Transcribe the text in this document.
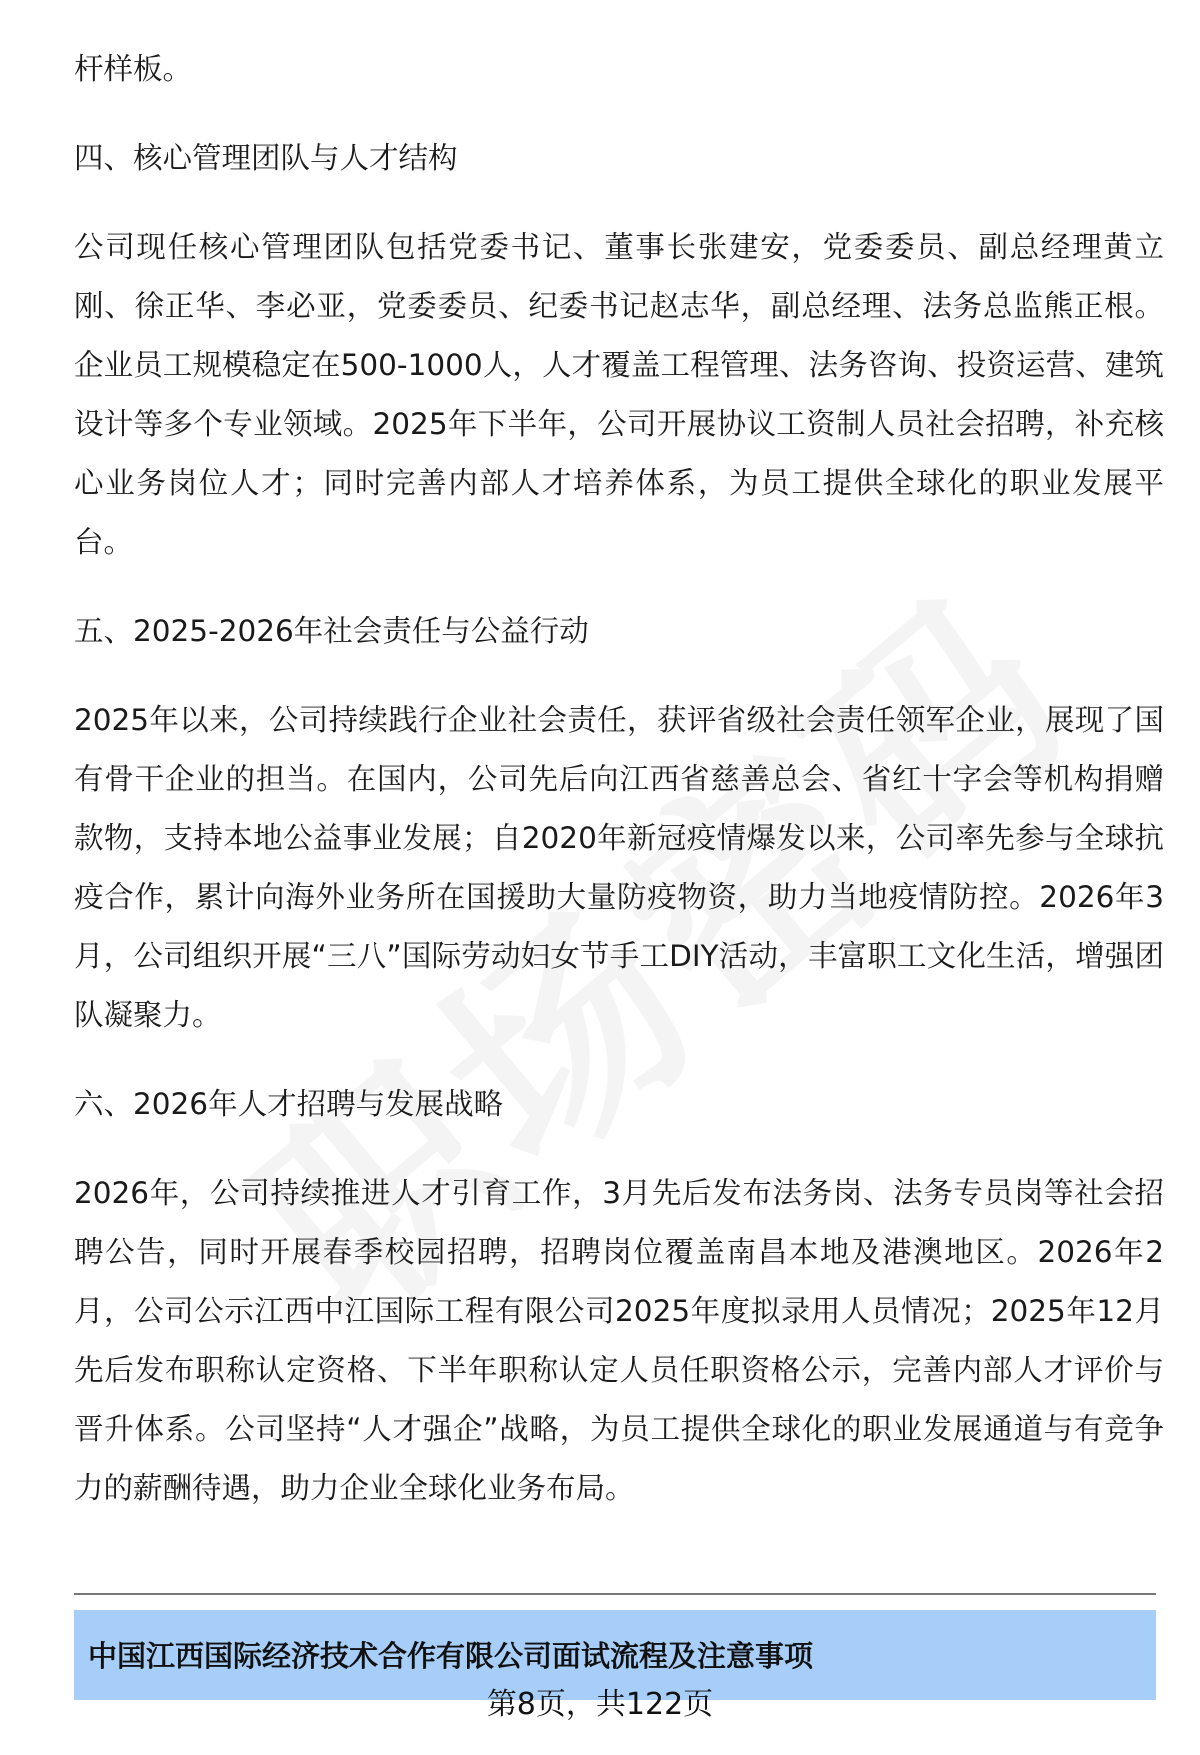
杆样板。

四、核心管理团队与人才结构

公司现任核心管理团队包括党委书记、董事长张建安，党委委员、副总经理黄立刚、徐正华、李必亚，党委委员、纪委书记赵志华，副总经理、法务总监熊正根。企业员工规模稳定在500-1000人，人才覆盖工程管理、法务咨询、投资运营、建筑设计等多个专业领域。2025年下半年，公司开展协议工资制人员社会招聘，补充核心业务岗位人才；同时完善内部人才培养体系，为员工提供全球化的职业发展平台。

五、2025-2026年社会责任与公益行动

2025年以来，公司持续践行企业社会责任，获评省级社会责任领军企业，展现了国有骨干企业的担当。在国内，公司先后向江西省慈善总会、省红十字会等机构捐赠款物，支持本地公益事业发展；自2020年新冠疫情爆发以来，公司率先参与全球抗疫合作，累计向海外业务所在国援助大量防疫物资，助力当地疫情防控。2026年3月，公司组织开展“三八”国际劳动妇女节手工DIY活动，丰富职工文化生活，增强团队凝聚力。

六、2026年人才招聘与发展战略

2026年，公司持续推进人才引育工作，3月先后发布法务岗、法务专员岗等社会招聘公告，同时开展春季校园招聘，招聘岗位覆盖南昌本地及港澳地区。2026年2月，公司公示江西中江国际工程有限公司2025年度拟录用人员情况；2025年12月先后发布职称认定资格、下半年职称认定人员任职资格公示，完善内部人才评价与晋升体系。公司坚持“人才强企”战略，为员工提供全球化的职业发展通道与有竞争力的薪酬待遇，助力企业全球化业务布局。

中国江西国际经济技术合作有限公司面试流程及注意事项
第8页，共122页
